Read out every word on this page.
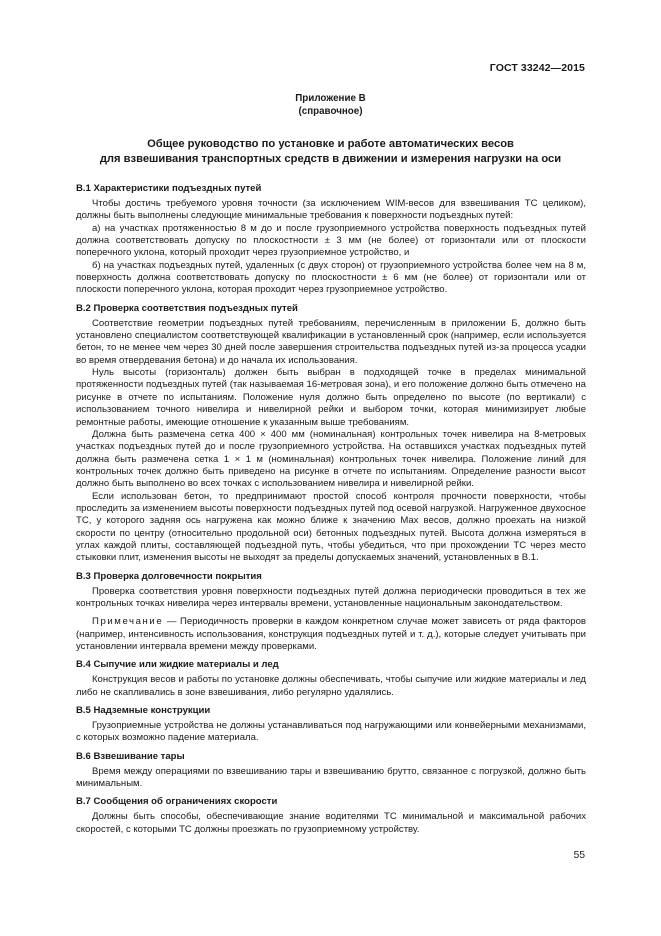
ГОСТ 33242—2015
Приложение В
(справочное)
Общее руководство по установке и работе автоматических весов
для взвешивания транспортных средств в движении и измерения нагрузки на оси
В.1 Характеристики подъездных путей

Чтобы достичь требуемого уровня точности (за исключением WIM-весов для взвешивания ТС целиком), должны быть выполнены следующие минимальные требования к поверхности подъездных путей:

а) на участках протяженностью 8 м до и после грузоприемного устройства поверхность подъездных путей должна соответствовать допуску по плоскостности ± 3 мм (не более) от горизонтали или от плоскости поперечного уклона, который проходит через грузоприемное устройство, и

б) на участках подъездных путей, удаленных (с двух сторон) от грузоприемного устройства более чем на 8 м, поверхность должна соответствовать допуску по плоскостности ± 6 мм (не более) от горизонтали или от плоскости поперечного уклона, которая проходит через грузоприемное устройство.

В.2 Проверка соответствия подъездных путей

Соответствие геометрии подъездных путей требованиям, перечисленным в приложении Б, должно быть установлено специалистом соответствующей квалификации в установленный срок (например, если используется бетон, то не менее чем через 30 дней после завершения строительства подъездных путей из-за процесса усадки во время отвердевания бетона) и до начала их использования.

Нуль высоты (горизонталь) должен быть выбран в подходящей точке в пределах минимальной протяженности подъездных путей (так называемая 16-метровая зона), и его положение должно быть отмечено на рисунке в отчете по испытаниям. Положение нуля должно быть определено по высоте (по вертикали) с использованием точного нивелира и нивелирной рейки и выбором точки, которая минимизирует любые ремонтные работы, имеющие отношение к указанным выше требованиям.

Должна быть размечена сетка 400 × 400 мм (номинальная) контрольных точек нивелира на 8-метровых участках подъездных путей до и после грузоприемного устройства. На оставшихся участках подъездных путей должна быть размечена сетка 1 × 1 м (номинальная) контрольных точек нивелира. Положение линий для контрольных точек должно быть приведено на рисунке в отчете по испытаниям. Определение разности высот должно быть выполнено во всех точках с использованием нивелира и нивелирной рейки.

Если использован бетон, то предпринимают простой способ контроля прочности поверхности, чтобы проследить за изменением высоты поверхности подъездных путей под осевой нагрузкой. Нагруженное двухосное ТС, у которого задняя ось нагружена как можно ближе к значению Max весов, должно проехать на низкой скорости по центру (относительно продольной оси) бетонных подъездных путей. Высота должна измеряться в углах каждой плиты, составляющей подъездной путь, чтобы убедиться, что при прохождении ТС через место стыковки плит, изменения высоты не выходят за пределы допускаемых значений, установленных в В.1.

В.3 Проверка долговечности покрытия

Проверка соответствия уровня поверхности подъездных путей должна периодически проводиться в тех же контрольных точках нивелира через интервалы времени, установленные национальным законодательством.

Примечание — Периодичность проверки в каждом конкретном случае может зависеть от ряда факторов (например, интенсивность использования, конструкция подъездных путей и т. д.), которые следует учитывать при установлении интервала времени между проверками.

В.4 Сыпучие или жидкие материалы и лед

Конструкция весов и работы по установке должны обеспечивать, чтобы сыпучие или жидкие материалы и лед либо не скапливались в зоне взвешивания, либо регулярно удалялись.

В.5 Надземные конструкции

Грузоприемные устройства не должны устанавливаться под нагружающими или конвейерными механизмами, с которых возможно падение материала.

В.6 Взвешивание тары

Время между операциями по взвешиванию тары и взвешиванию брутто, связанное с погрузкой, должно быть минимальным.

В.7 Сообщения об ограничениях скорости

Должны быть способы, обеспечивающие знание водителями ТС минимальной и максимальной рабочих скоростей, с которыми ТС должны проезжать по грузоприемному устройству.

55
